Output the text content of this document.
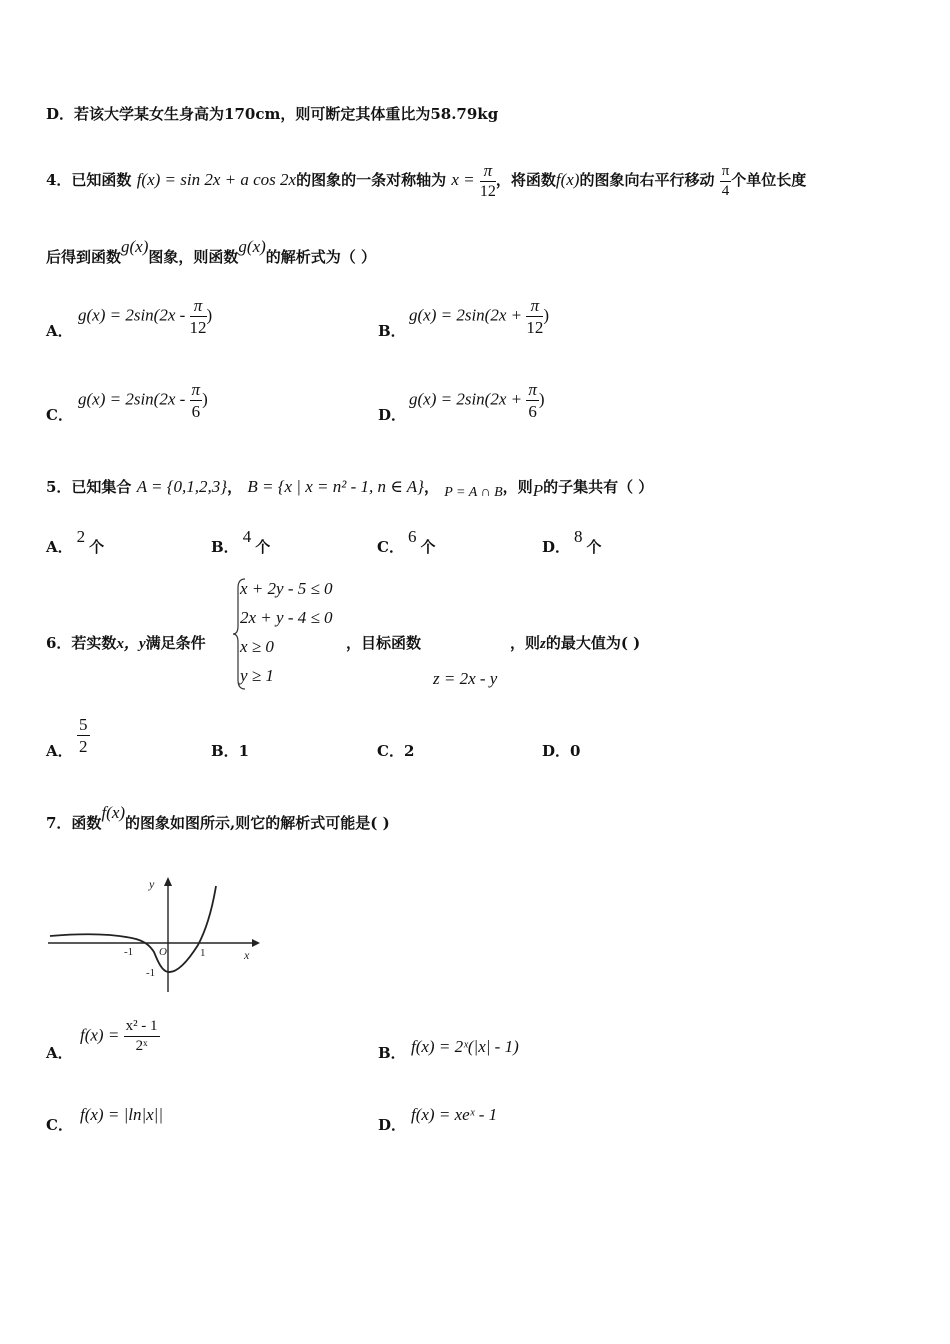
D．若该大学某女生身高为170cm，则可断定其体重比为58.79kg
4．已知函数 f(x) = sin 2x + a cos 2x的图象的一条对称轴为 $x = \frac{\pi}{12}$ ，将函数f(x)的图象向右平行移动 $\frac{\pi}{4}$ 个单位长度
后得到函数g(x)图象，则函数g(x)的解析式为（ ）
A．
$g(x) = 2\sin(2x - \frac{\pi}{12}$ )
B．
$g(x) = 2\sin(2x + \frac{\pi}{12}$ )
C．
$g(x) = 2\sin(2x - \frac{\pi}{6}$ )
D．
$g(x) = 2\sin(2x + \frac{\pi}{6}$ )
5．已知集合 A = {0,1,2,3}， B = {x | x = n² - 1, n ∈ A}， P = A ∩ B，则P的子集共有（ ）
A．2个	B．4个	C．6个	D．8个
6．若实数x，y满足条件
x + 2y - 5 ≤ 0
2x + y - 4 ≤ 0
x ≥ 0
y ≥ 1
，目标函数	，则z的最大值为( )
z = 2x - y
A． $\frac{5}{2}$	B．1	C．2	D．0
7．函数f(x)的图象如图所示,则它的解析式可能是( )
y
x
O
-1	1
-1
A．
$f(x) = \frac{\text{x² - 1}}{\text{2ˣ}}$	B． f(x) = 2ˣ(|x| - 1)
C．
f(x) = |ln|x||
D．
f(x) = xeˣ - 1
